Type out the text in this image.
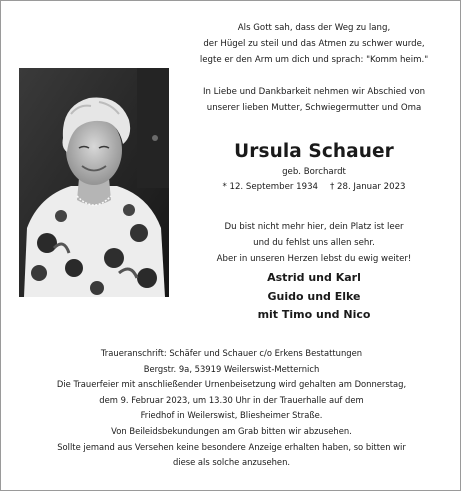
Als Gott sah, dass der Weg zu lang,
der Hügel zu steil und das Atmen zu schwer wurde,
legte er den Arm um dich und sprach: "Komm heim."
In Liebe und Dankbarkeit nehmen wir Abschied von
unserer lieben Mutter, Schwiegermutter und Oma
Ursula Schauer
geb. Borchardt
* 12. September 1934 † 28. Januar 2023
Du bist nicht mehr hier, dein Platz ist leer
und du fehlst uns allen sehr.
Aber in unseren Herzen lebst du ewig weiter!
Astrid und Karl
Guido und Elke
mit Timo und Nico
Traueranschrift: Schäfer und Schauer c/o Erkens Bestattungen
Bergstr. 9a, 53919 Weilerswist-Metternich
Die Trauerfeier mit anschließender Urnenbeisetzung wird gehalten am Donnerstag,
dem 9. Februar 2023, um 13.30 Uhr in der Trauerhalle auf dem
Friedhof in Weilerswist, Bliesheimer Straße.
Von Beileidsbekundungen am Grab bitten wir abzusehen.
Sollte jemand aus Versehen keine besondere Anzeige erhalten haben, so bitten wir
diese als solche anzusehen.
